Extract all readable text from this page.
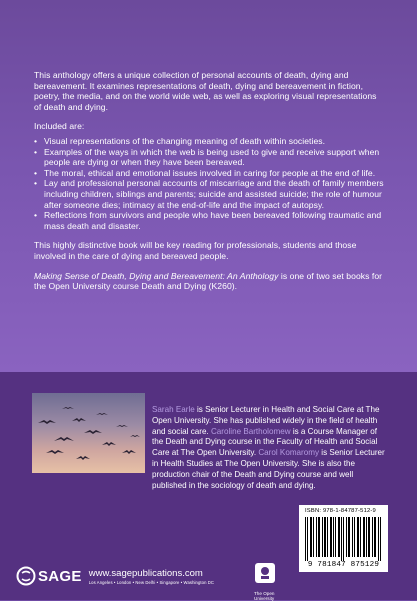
This anthology offers a unique collection of personal accounts of death, dying and bereavement. It examines representations of death, dying and bereavement in fiction, poetry, the media, and on the world wide web, as well as exploring visual representations of death and dying.

Included are:

• Visual representations of the changing meaning of death within societies.
• Examples of the ways in which the web is being used to give and receive support when people are dying or when they have been bereaved.
• The moral, ethical and emotional issues involved in caring for people at the end of life.
• Lay and professional personal accounts of miscarriage and the death of family members including children, siblings and parents; suicide and assisted suicide; the role of humour after someone dies; intimacy at the end-of-life and the impact of autopsy.
• Reflections from survivors and people who have been bereaved following traumatic and mass death and disaster.

This highly distinctive book will be key reading for professionals, students and those involved in the care of dying and bereaved people.

Making Sense of Death, Dying and Bereavement: An Anthology is one of two set books for the Open University course Death and Dying (K260).

Sarah Earle is Senior Lecturer in Health and Social Care at The Open University. She has published widely in the field of health and social care. Caroline Bartholomew is a Course Manager of the Death and Dying course in the Faculty of Health and Social Care at The Open University. Carol Komaromy is Senior Lecturer in Health Studies at The Open University. She is also the production chair of the Death and Dying course and well published in the sociology of death and dying.
ISBN: 978-1-84787-512-9
9 781847 875129
SAGE www.sagepublications.com
Los Angeles • London • New Delhi • Singapore • Washington DC
The Open
University
